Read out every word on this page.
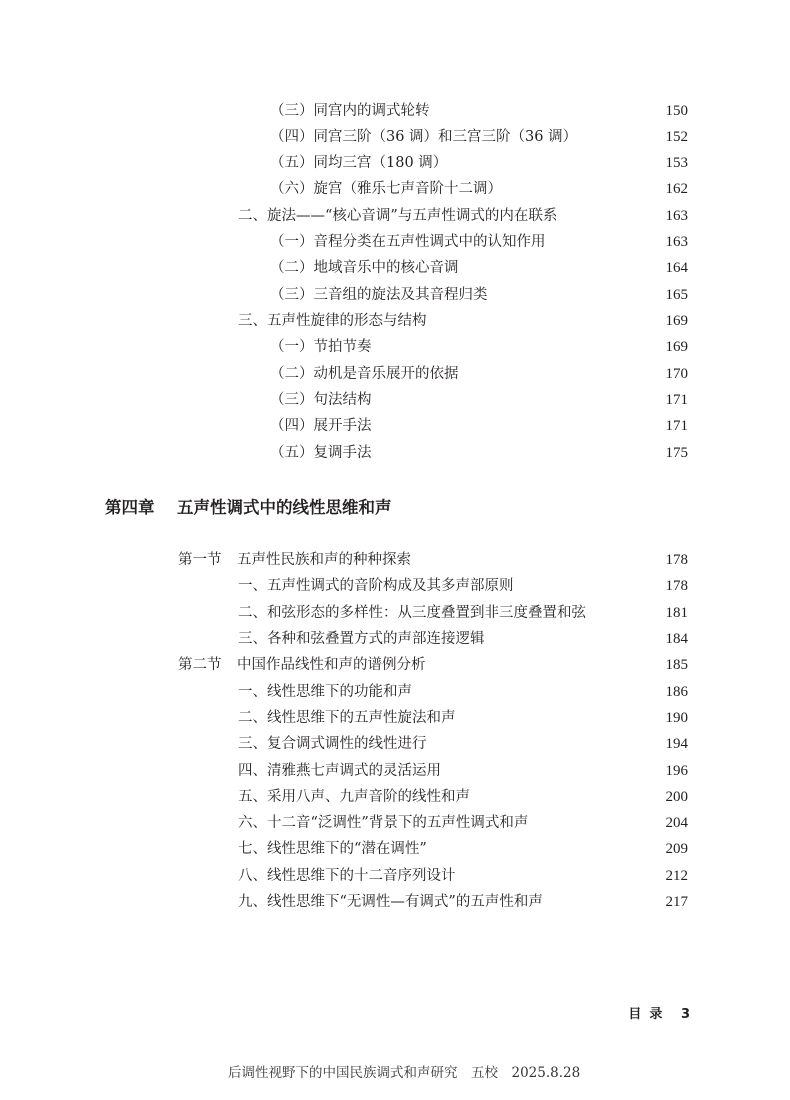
（三）同宫内的调式轮转	150
（四）同宫三阶（36 调）和三宫三阶（36 调）	152
（五）同均三宫（180 调）	153
（六）旋宫（雅乐七声音阶十二调）	162
二、旋法——“核心音调”与五声性调式的内在联系	163
（一）音程分类在五声性调式中的认知作用	163
（二）地域音乐中的核心音调	164
（三）三音组的旋法及其音程归类	165
三、五声性旋律的形态与结构	169
（一）节拍节奏	169
（二）动机是音乐展开的依据	170
（三）句法结构	171
（四）展开手法	171
（五）复调手法	175
第四章 五声性调式中的线性思维和声
第一节 五声性民族和声的种种探索	178
一、五声性调式的音阶构成及其多声部原则	178
二、和弦形态的多样性：从三度叠置到非三度叠置和弦	181
三、各种和弦叠置方式的声部连接逻辑	184
第二节 中国作品线性和声的谱例分析	185
一、线性思维下的功能和声	186
二、线性思维下的五声性旋法和声	190
三、复合调式调性的线性进行	194
四、清雅燕七声调式的灵活运用	196
五、采用八声、九声音阶的线性和声	200
六、十二音“泛调性”背景下的五声性调式和声	204
七、线性思维下的“潜在调性”	209
八、线性思维下的十二音序列设计	212
九、线性思维下“无调性—有调式”的五声性和声	217
目录 3
后调性视野下的中国民族调式和声研究　五校　2025.8.28
